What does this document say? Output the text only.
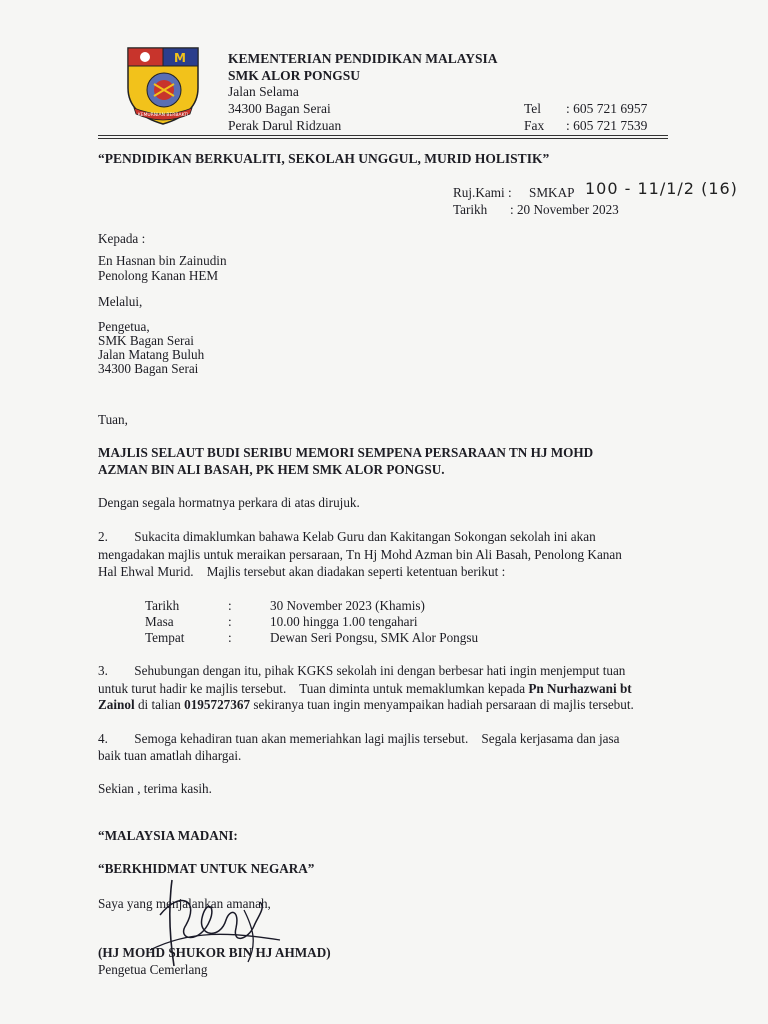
M
KEMURNIAN BERBAKTI
KEMENTERIAN PENDIDIKAN MALAYSIA
SMK ALOR PONGSU
Jalan Selama
34300 Bagan Serai
Perak Darul Ridzuan
Tel : 605 721 6957
Fax : 605 721 7539
“PENDIDIKAN BERKUALITI, SEKOLAH UNGGUL, MURID HOLISTIK”
Ruj.Kami : SMKAP 100 - 11/1/2 (16)
Tarikh : 20 November 2023
Kepada :
En Hasnan bin Zainudin
Penolong Kanan HEM
Melalui,
Pengetua,
SMK Bagan Serai
Jalan Matang Buluh
34300 Bagan Serai
Tuan,
MAJLIS SELAUT BUDI SERIBU MEMORI SEMPENA PERSARAAN TN HJ MOHD
AZMAN BIN ALI BASAH, PK HEM SMK ALOR PONGSU.
Dengan segala hormatnya perkara di atas dirujuk.
2.        Sukacita dimaklumkan bahawa Kelab Guru dan Kakitangan Sokongan sekolah ini akan
mengadakan majlis untuk meraikan persaraan, Tn Hj Mohd Azman bin Ali Basah, Penolong Kanan
Hal Ehwal Murid.    Majlis tersebut akan diadakan seperti ketentuan berikut :
Tarikh	:	30 November 2023 (Khamis)
Masa	:	10.00 hingga 1.00 tengahari
Tempat	:	Dewan Seri Pongsu, SMK Alor Pongsu
3.        Sehubungan dengan itu, pihak KGKS sekolah ini dengan berbesar hati ingin menjemput tuan
untuk turut hadir ke majlis tersebut.    Tuan diminta untuk memaklumkan kepada Pn Nurhazwani bt
Zainol di talian 0195727367 sekiranya tuan ingin menyampaikan hadiah persaraan di majlis tersebut.
4.        Semoga kehadiran tuan akan memeriahkan lagi majlis tersebut.    Segala kerjasama dan jasa
baik tuan amatlah dihargai.
Sekian , terima kasih.
“MALAYSIA MADANI:
“BERKHIDMAT UNTUK NEGARA”
Saya yang menjalankan amanah,
(HJ MOHD SHUKOR BIN HJ AHMAD)
Pengetua Cemerlang
